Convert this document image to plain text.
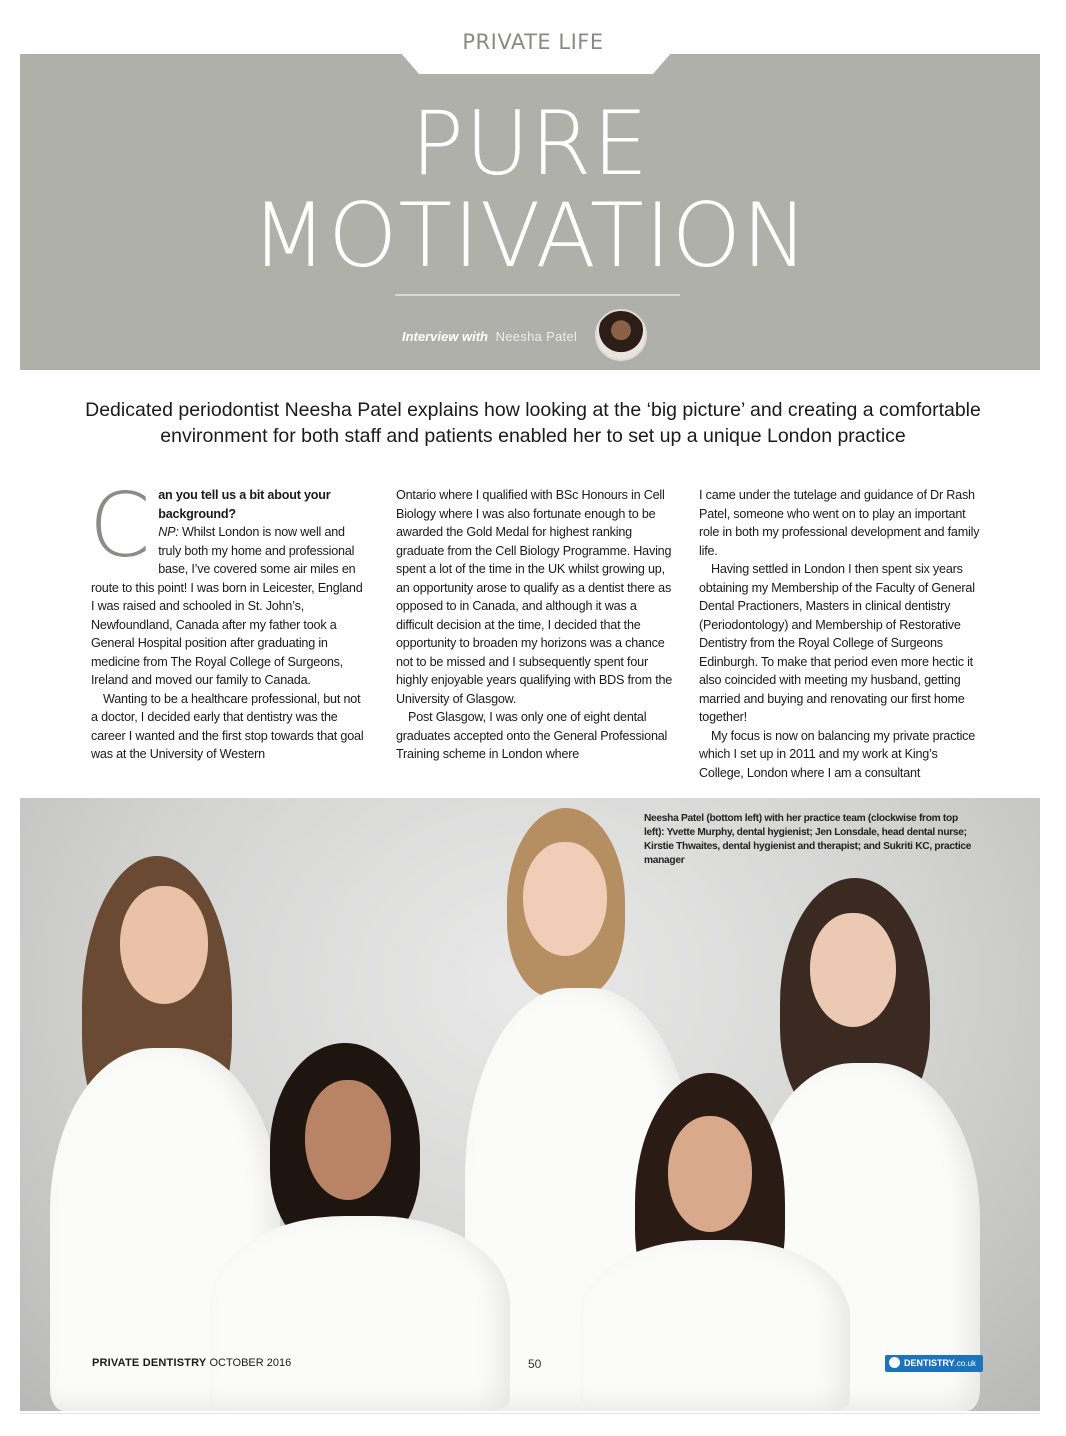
PRIVATE LIFE
PURE
MOTIVATION
Interview with Neesha Patel
Dedicated periodontist Neesha Patel explains how looking at the ‘big picture’ and creating a comfortable environment for both staff and patients enabled her to set up a unique London practice
C an you tell us a bit about your background?
NP: Whilst London is now well and truly both my home and professional base, I’ve covered some air miles en route to this point! I was born in Leicester, England I was raised and schooled in St. John’s, Newfoundland, Canada after my father took a General Hospital position after graduating in medicine from The Royal College of Surgeons, Ireland and moved our family to Canada.

Wanting to be a healthcare professional, but not a doctor, I decided early that dentistry was the career I wanted and the first stop towards that goal was at the University of Western

Ontario where I qualified with BSc Honours in Cell Biology where I was also fortunate enough to be awarded the Gold Medal for highest ranking graduate from the Cell Biology Programme. Having spent a lot of the time in the UK whilst growing up, an opportunity arose to qualify as a dentist there as opposed to in Canada, and although it was a difficult decision at the time, I decided that the opportunity to broaden my horizons was a chance not to be missed and I subsequently spent four highly enjoyable years qualifying with BDS from the University of Glasgow.

Post Glasgow, I was only one of eight dental graduates accepted onto the General Professional Training scheme in London where

I came under the tutelage and guidance of Dr Rash Patel, someone who went on to play an important role in both my professional development and family life.

Having settled in London I then spent six years obtaining my Membership of the Faculty of General Dental Practioners, Masters in clinical dentistry (Periodontology) and Membership of Restorative Dentistry from the Royal College of Surgeons Edinburgh. To make that period even more hectic it also coincided with meeting my husband, getting married and buying and renovating our first home together!

My focus is now on balancing my private practice which I set up in 2011 and my work at King’s College, London where I am a consultant

Neesha Patel (bottom left) with her practice team (clockwise from top left): Yvette Murphy, dental hygienist; Jen Lonsdale, head dental nurse; Kirstie Thwaites, dental hygienist and therapist; and Sukriti KC, practice manager
PRIVATE DENTISTRY OCTOBER 2016	50	DENTISTRY.co.uk
